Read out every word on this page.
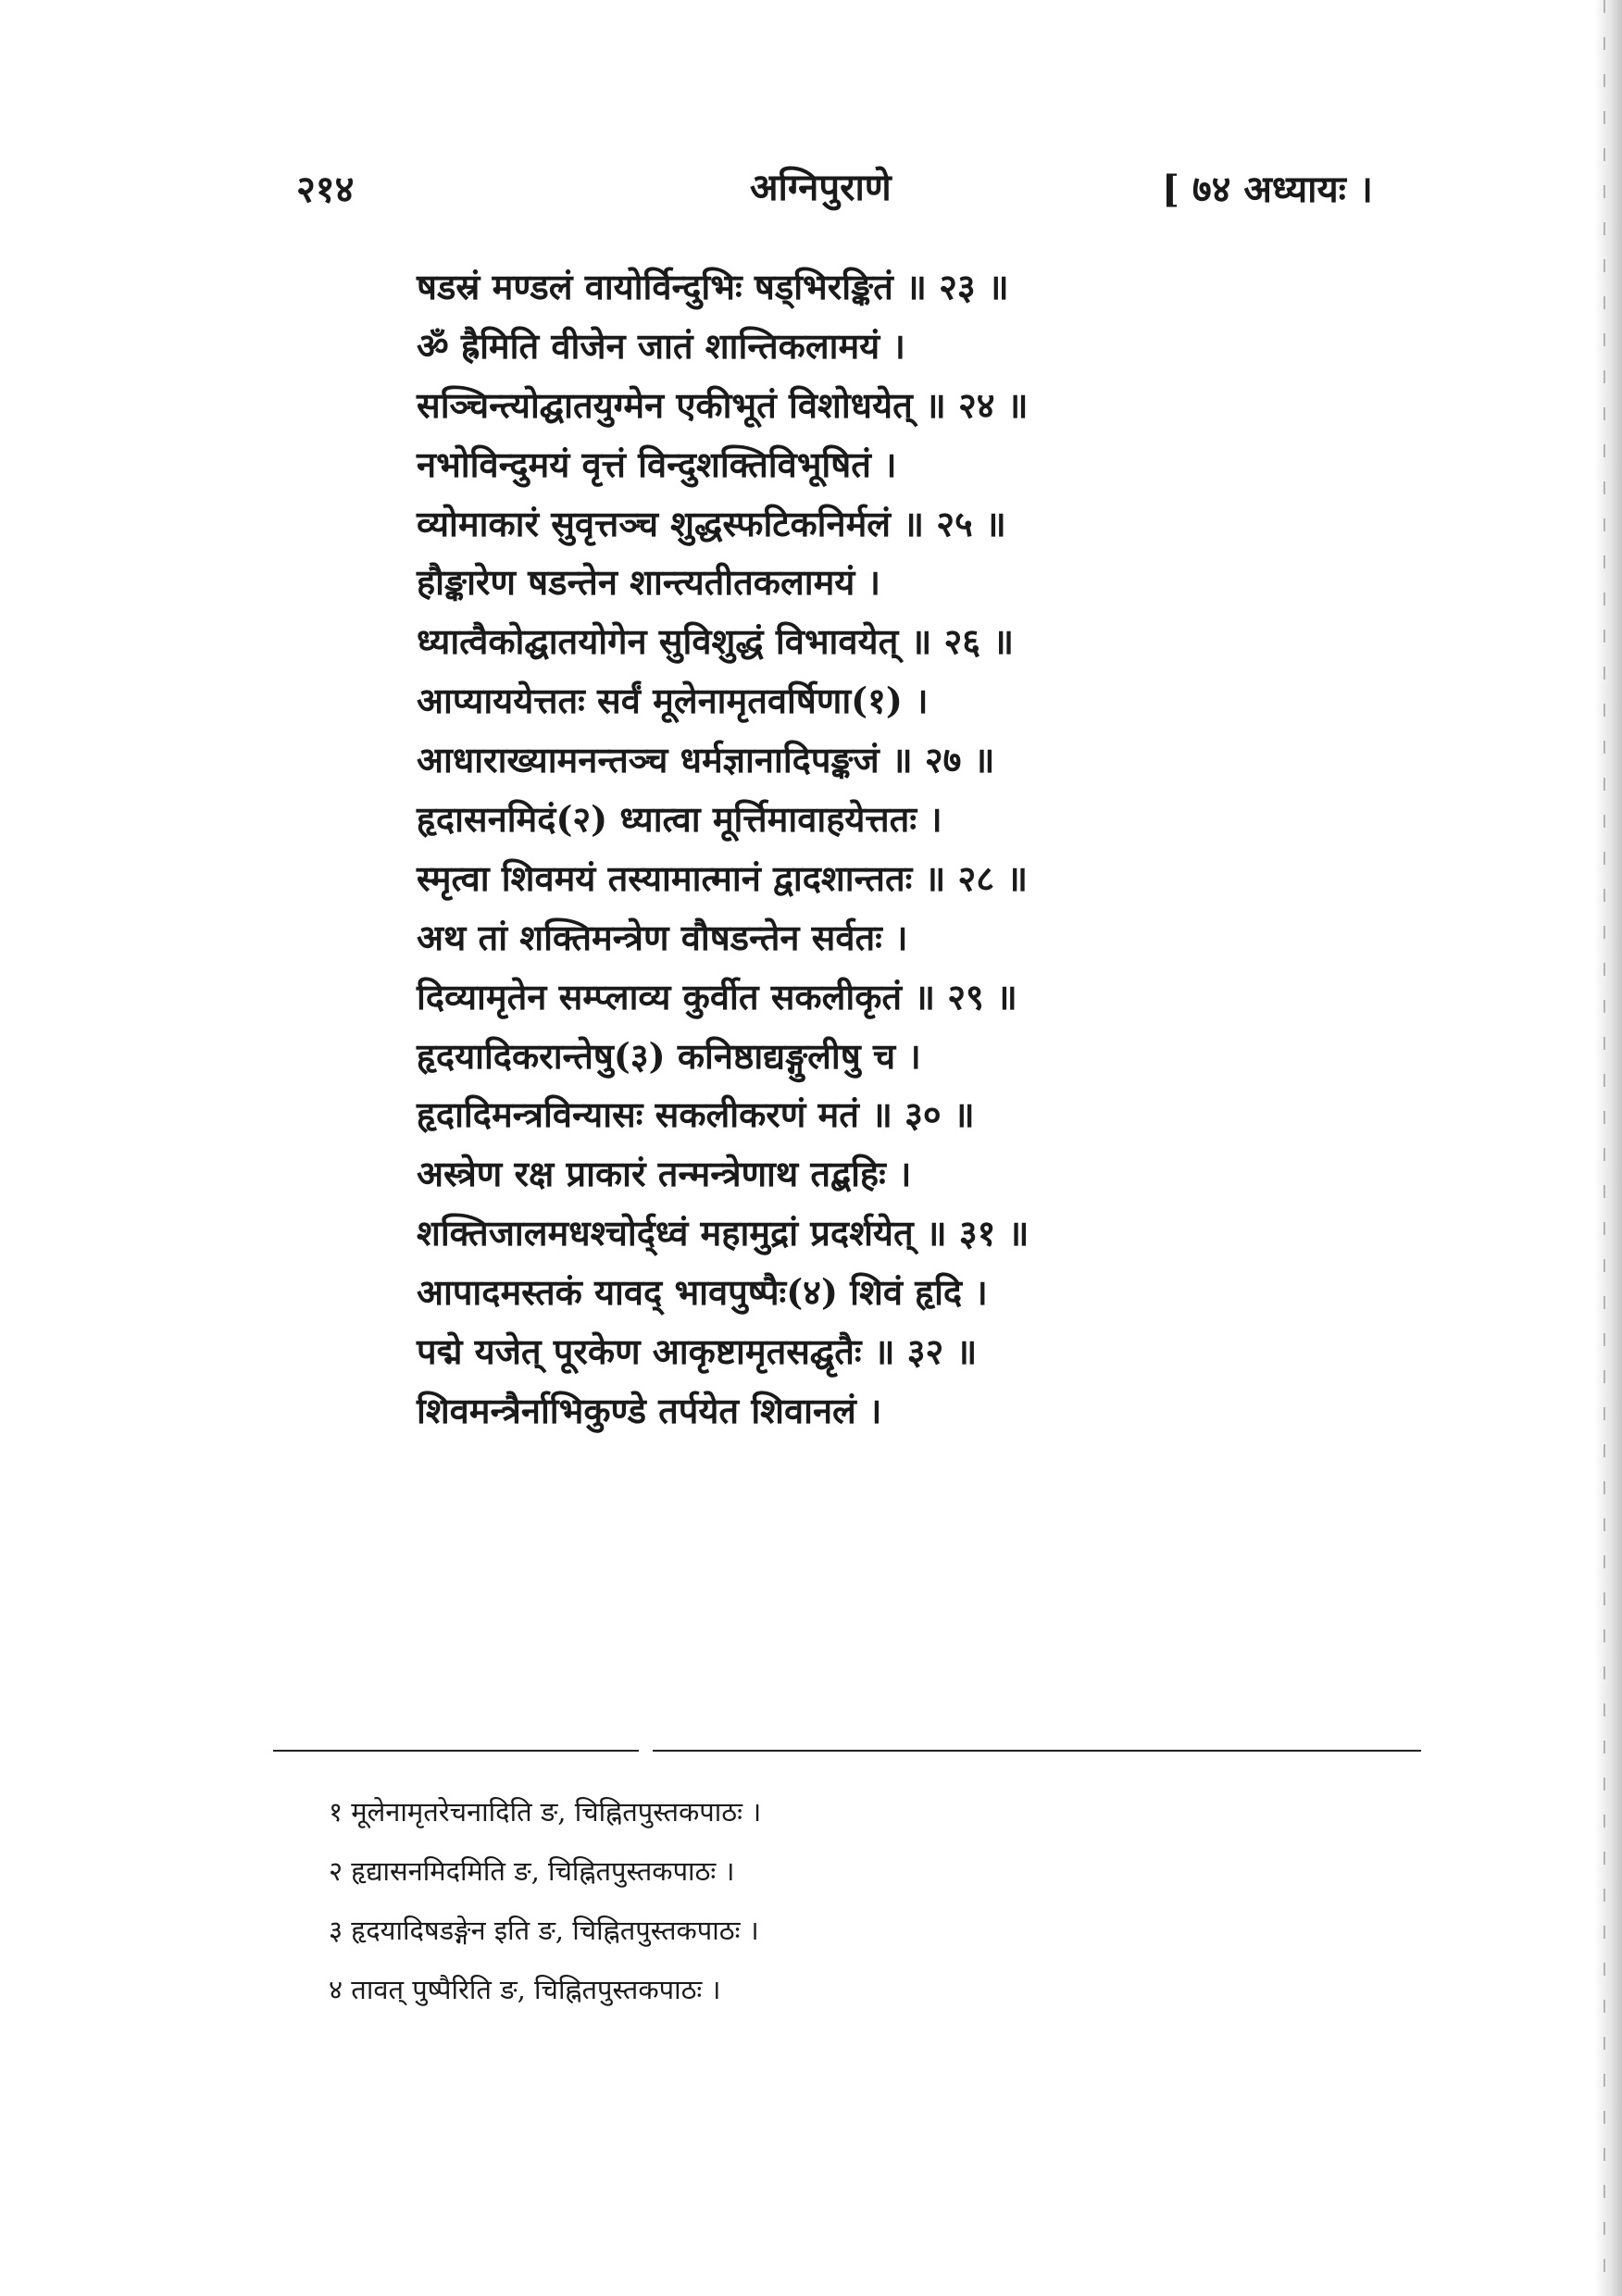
२१४	अग्निपुराणे	[ ७४ अध्यायः ।
षडस्रं मण्डलं वायोर्विन्दुभिः षड्भिरङ्कितं ॥ २३ ॥
ॐ ह्रैमिति वीजेन जातं शान्तिकलामयं ।
सञ्चिन्त्योद्घातयुग्मेन एकीभूतं विशोधयेत् ॥ २४ ॥
नभोविन्दुमयं वृत्तं विन्दुशक्तिविभूषितं ।
व्योमाकारं सुवृत्तञ्च शुद्धस्फटिकनिर्मलं ॥ २५ ॥
हौङ्कारेण षडन्तेन शान्त्यतीतकलामयं ।
ध्यात्वैकोद्घातयोगेन सुविशुद्धं विभावयेत् ॥ २६ ॥
आप्याययेत्ततः सर्वं मूलेनामृतवर्षिणा(१) ।
आधाराख्यामनन्तञ्च धर्मज्ञानादिपङ्कजं ॥ २७ ॥
हृदासनमिदं(२) ध्यात्वा मूर्त्तिमावाहयेत्ततः ।
स्मृत्वा शिवमयं तस्यामात्मानं द्वादशान्ततः ॥ २८ ॥
अथ तां शक्तिमन्त्रेण वौषडन्तेन सर्वतः ।
दिव्यामृतेन सम्प्लाव्य कुर्वीत सकलीकृतं ॥ २९ ॥
हृदयादिकरान्तेषु(३) कनिष्ठाद्यङ्गुलीषु च ।
हृदादिमन्त्रविन्यासः सकलीकरणं मतं ॥ ३० ॥
अस्त्रेण रक्ष प्राकारं तन्मन्त्रेणाथ तद्बहिः ।
शक्तिजालमधश्चोर्द्ध्वं महामुद्रां प्रदर्शयेत् ॥ ३१ ॥
आपादमस्तकं यावद् भावपुष्पैः(४) शिवं हृदि ।
पद्मे यजेत् पूरकेण आकृष्टामृतसद्घृतैः ॥ ३२ ॥
शिवमन्त्रैर्नाभिकुण्डे तर्पयेत शिवानलं ।
१ मूलेनामृतरेचनादिति ङ, चिह्नितपुस्तकपाठः ।
२ हृद्यासनमिदमिति ङ, चिह्नितपुस्तकपाठः ।
३ हृदयादिषडङ्गेन इति ङ, चिह्नितपुस्तकपाठः ।
४ तावत् पुष्पैरिति ङ, चिह्नितपुस्तकपाठः ।
